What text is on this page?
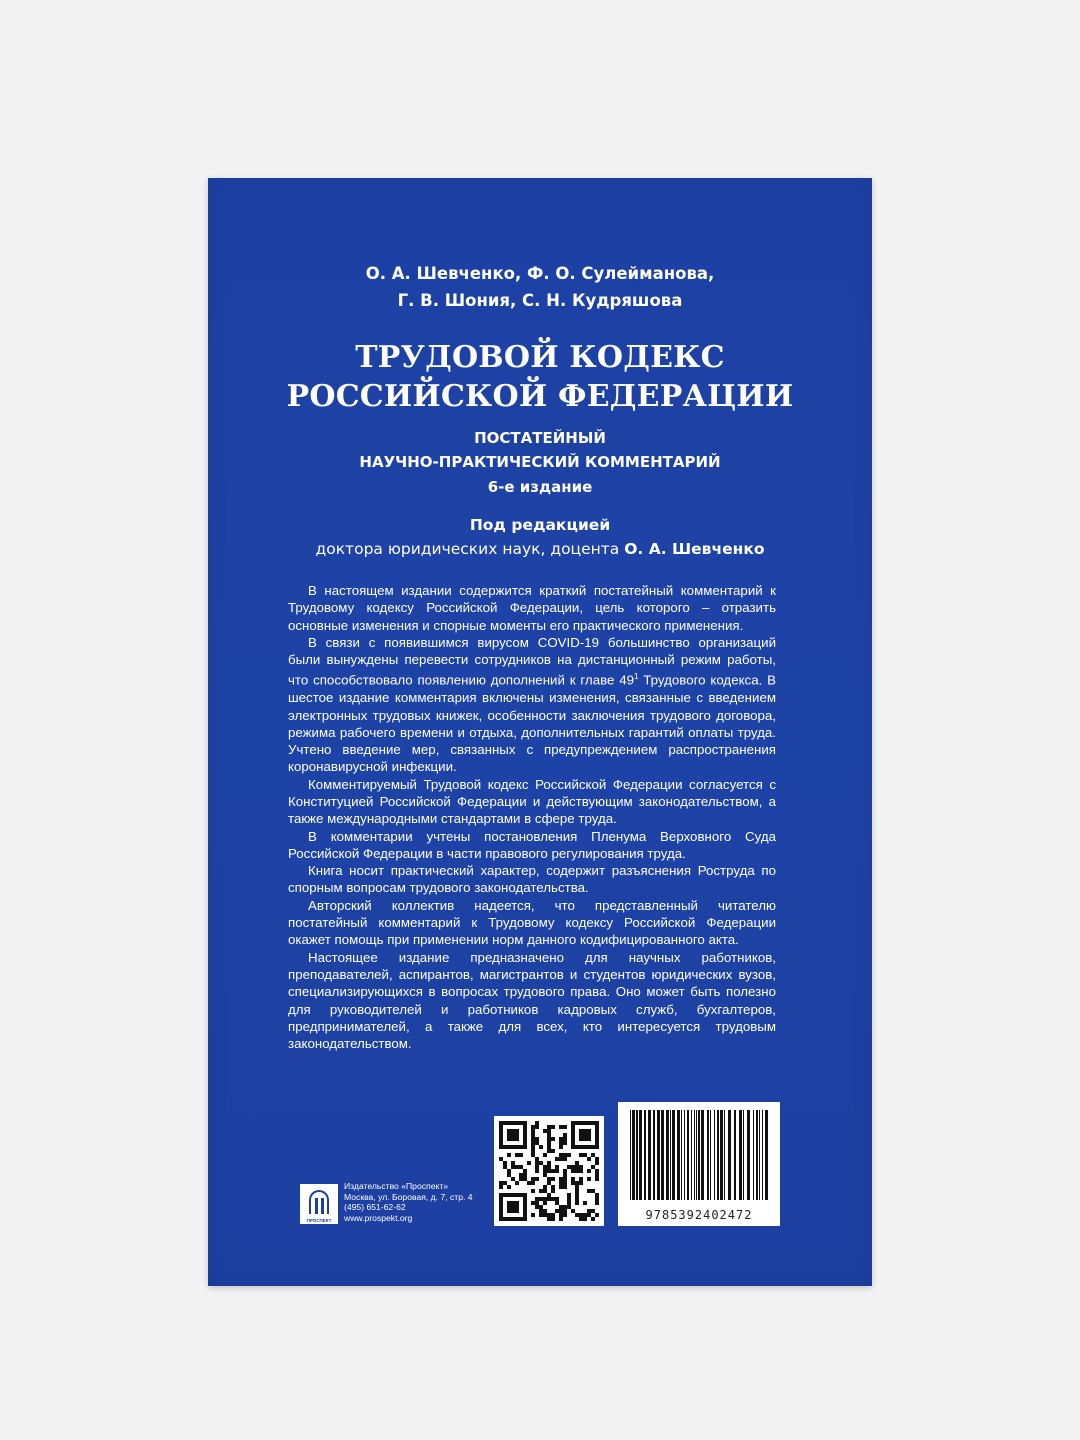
О. А. Шевченко, Ф. О. Сулейманова,
Г. В. Шония, С. Н. Кудряшова
ТРУДОВОЙ КОДЕКС
РОССИЙСКОЙ ФЕДЕРАЦИИ
ПОСТАТЕЙНЫЙ
НАУЧНО-ПРАКТИЧЕСКИЙ КОММЕНТАРИЙ
6-е издание
Под редакцией
доктора юридических наук, доцента О. А. Шевченко

В настоящем издании содержится краткий постатейный комментарий к Трудовому кодексу Российской Федерации, цель которого – отразить основные изменения и спорные моменты его практического применения.

В связи с появившимся вирусом COVID-19 большинство организаций были вынуждены перевести сотрудников на дистанционный режим работы, что способствовало появлению дополнений к главе $49^1$ Трудового кодекса. В шестое издание комментария включены изменения, связанные с введением электронных трудовых книжек, особенности заключения трудового договора, режима рабочего времени и отдыха, дополнительных гарантий оплаты труда. Учтено введение мер, связанных с предупреждением распространения коронавирусной инфекции.

Комментируемый Трудовой кодекс Российской Федерации согласуется с Конституцией Российской Федерации и действующим законодательством, а также международными стандартами в сфере труда.

В комментарии учтены постановления Пленума Верховного Суда Российской Федерации в части правового регулирования труда.

Книга носит практический характер, содержит разъяснения Роструда по спорным вопросам трудового законодательства.

Авторский коллектив надеется, что представленный читателю постатейный комментарий к Трудовому кодексу Российской Федерации окажет помощь при применении норм данного кодифицированного акта.

Настоящее издание предназначено для научных работников, преподавателей, аспирантов, магистрантов и студентов юридических вузов, специализирующихся в вопросах трудового права. Оно может быть полезно для руководителей и работников кадровых служб, бухгалтеров, предпринимателей, а также для всех, кто интересуется трудовым законодательством.

ПРОСПЕКТ
Издательство «Проспект»
Москва, ул. Боровая, д. 7, стр. 4
(495) 651-62-62
www.prospekt.org	9785392402472
